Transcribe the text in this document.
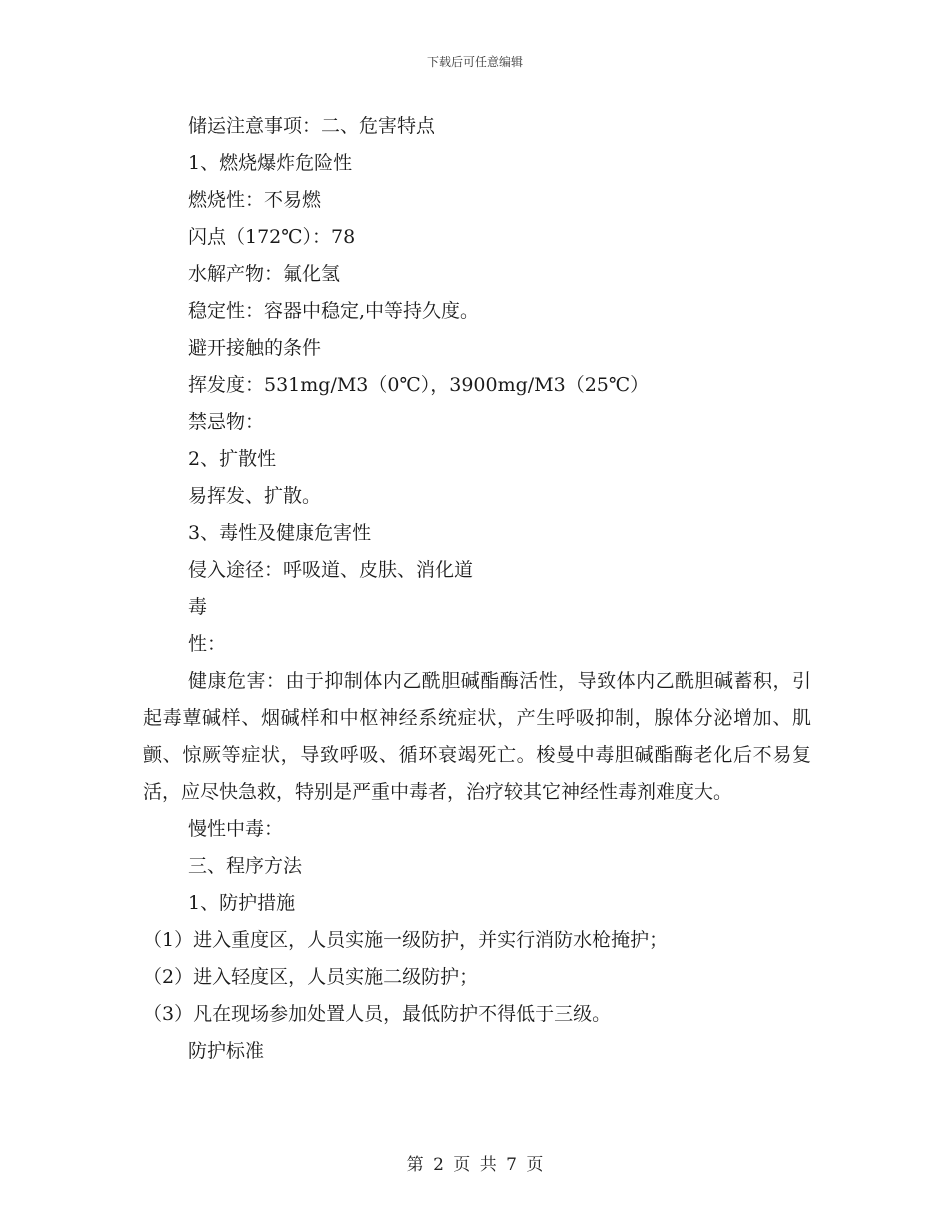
下载后可任意编辑
储运注意事项：二、危害特点
1、燃烧爆炸危险性
燃烧性：不易燃
闪点（172℃）：78
水解产物：氟化氢
稳定性：容器中稳定,中等持久度。
避开接触的条件
挥发度：531mg/M3（0℃），3900mg/M3（25℃）
禁忌物：
2、扩散性
易挥发、扩散。
3、毒性及健康危害性
侵入途径：呼吸道、皮肤、消化道
毒
性：
健康危害：由于抑制体内乙酰胆碱酯酶活性，导致体内乙酰胆碱蓄积，引起毒蕈碱样、烟碱样和中枢神经系统症状，产生呼吸抑制，腺体分泌增加、肌颤、惊厥等症状，导致呼吸、循环衰竭死亡。梭曼中毒胆碱酯酶老化后不易复活，应尽快急救，特别是严重中毒者，治疗较其它神经性毒剂难度大。
慢性中毒：
三、程序方法
1、防护措施
（1）进入重度区，人员实施一级防护，并实行消防水枪掩护；
（2）进入轻度区，人员实施二级防护；
（3）凡在现场参加处置人员，最低防护不得低于三级。
防护标准
第 2 页 共 7 页
